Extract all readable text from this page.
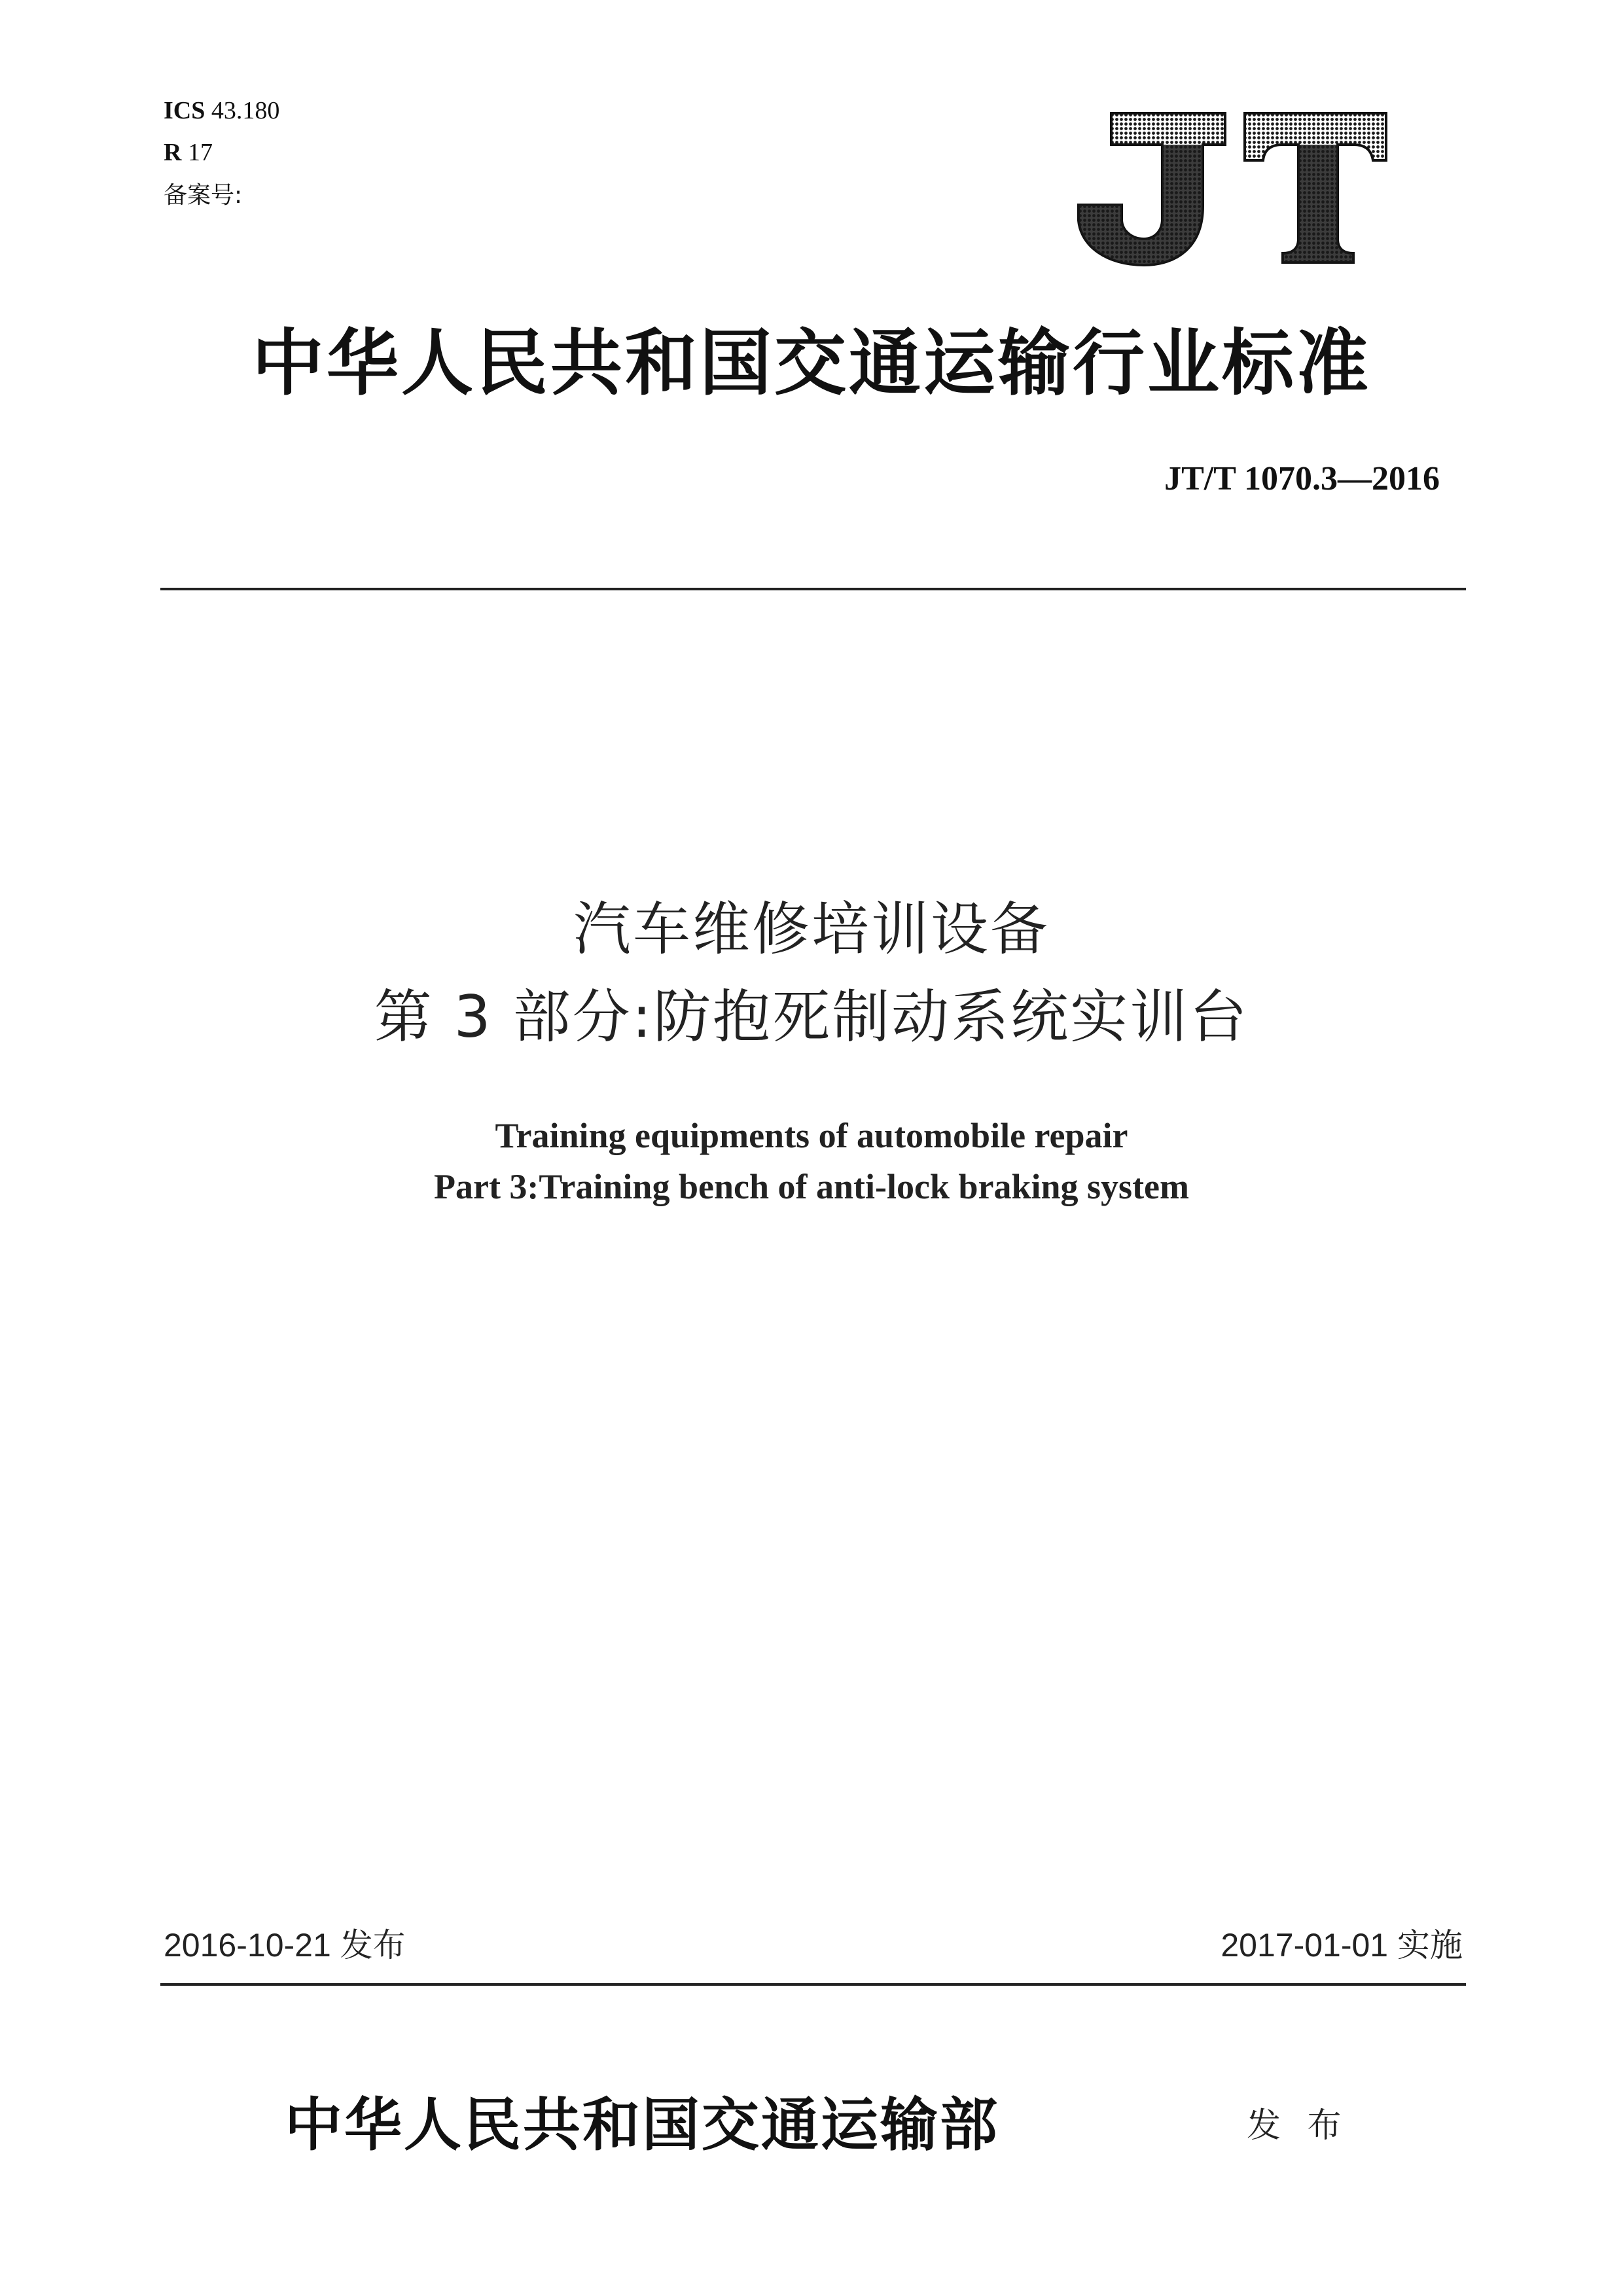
ICS 43.180
R 17
备案号:
中华人民共和国交通运输行业标准
JT/T 1070.3—2016
汽车维修培训设备
第 3 部分:防抱死制动系统实训台
Training equipments of automobile repair
Part 3:Training bench of anti-lock braking system
2016-10-21 发布	2017-01-01 实施
中华人民共和国交通运输部	发 布
